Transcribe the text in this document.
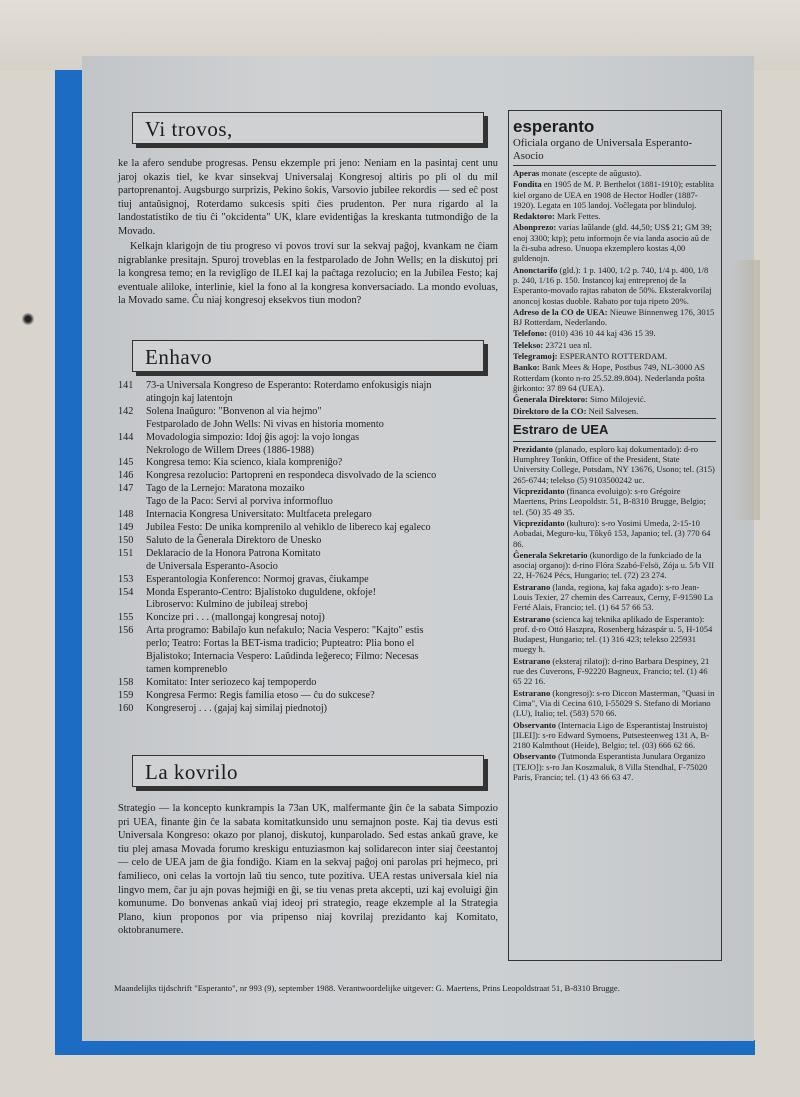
Vi trovos,

ke la afero sendube progresas. Pensu ekzemple pri jeno: Neniam en la pasintaj cent unu jaroj okazis tiel, ke kvar sinsekvaj Universalaj Kongresoj altiris po pli ol du mil partoprenantoj. Augsburgo surprizis, Pekino ŝokis, Varsovio jubilee rekordis — sed eĉ post tiuj antaŭsignoj, Roterdamo sukcesis spiti ĉies prudenton. Per nura rigardo al la landostatistiko de tiu ĉi "okcidenta" UK, klare evidentiĝas la kreskanta tutmondiĝo de la Movado.

Kelkajn klarigojn de tiu progreso vi povos trovi sur la sekvaj paĝoj, kvankam ne ĉiam nigrablanke presitajn. Spuroj troveblas en la festparolado de John Wells; en la diskutoj pri la kongresa temo; en la reviglîgo de ILEI kaj la paĉtaga rezolucio; en la Jubilea Festo; kaj eventuale aliloke, interlinie, kiel la fono al la kongresa konversaciado. La mondo evoluas, la Movado same. Ĉu niaj kongresoj eksekvos tiun modon?

Enhavo
141	73-a Universala Kongreso de Esperanto: Roterdamo enfokusigis niajn
atingojn kaj latentojn
142	Solena Inaŭguro: "Bonvenon al via hejmo"
Festparolado de John Wells: Ni vivas en historia momento
144	Movadologia simpozio: Idoj ĝis agoj: la vojo longas
Nekrologo de Willem Drees (1886-1988)
145	Kongresa temo: Kia scienco, kiala kompreniĝo?
146	Kongresa rezolucio: Partopreni en respondeca disvolvado de la scienco
147	Tago de la Lernejo: Maratona mozaiko
Tago de la Paco: Servi al porviva informofluo
148	Internacia Kongresa Universitato: Multfaceta prelegaro
149	Jubilea Festo: De unika komprenilo al vehiklo de libereco kaj egaleco
150	Saluto de la Ĝenerala Direktoro de Unesko
151	Deklaracio de la Honora Patrona Komitato
de Universala Esperanto-Asocio
153	Esperantologia Konferenco: Normoj gravas, ĉiukampe
154	Monda Esperanto-Centro: Bjalistoko duguldene, okfoje!
Libroservo: Kulmino de jubileaj streboj
155	Koncize pri . . . (mallongaj kongresaj notoj)
156	Arta programo: Babilaĵo kun nefakulo; Nacia Vespero: "Kajto" estis
perlo; Teatro: Fortas la BET-isma tradicio; Pupteatro: Plia bono el
Bjalistoko; Internacia Vespero: Laŭdinda leĝereco; Filmo: Necesas
tamen kompreneblo
158	Komitato: Inter seriozeco kaj tempoperdo
159	Kongresa Fermo: Regis familia etoso — ĉu do sukcese?
160	Kongreseroj . . . (gajaj kaj similaj piednotoj)
La kovrilo

Strategio — la koncepto kunkrampis la 73an UK, malfermante ĝin ĉe la sabata Simpozio pri UEA, finante ĝin ĉe la sabata komitatkunsido unu semajnon poste. Kaj tia devus esti Universala Kongreso: okazo por planoj, diskutoj, kunparolado. Sed estas ankaŭ grave, ke tiu plej amasa Movada forumo kreskigu entuziasmon kaj solidarecon inter siaj ĉeestantoj — celo de UEA jam de ĝia fondiĝo. Kiam en la sekvaj paĝoj oni parolas pri hejmeco, pri familieco, oni celas la vortojn laŭ tiu senco, tute pozitiva. UEA restas universala kiel nia lingvo mem, ĉar ju ajn povas hejmiĝi en ĝi, se tiu venas preta akcepti, uzi kaj evoluigi ĝin komunume. Do bonvenas ankaŭ viaj ideoj pri strategio, reage ekzemple al la Strategia Plano, kiun proponos por via pripenso niaj kovrilaj prezidanto kaj Komitato, oktobranumere.

Maandelijks tijdschrift "Esperanto", nr 993 (9), september 1988. Verantwoordelijke uitgever: G. Maertens, Prins Leopoldstraat 51, B-8310 Brugge.
esperanto
Oficiala organo de Universala Esperanto-Asocio
Aperas monate (escepte de aŭgusto).
Fondita en 1905 de M. P. Berthelot (1881-1910); establita kiel organo de UEA en 1908 de Hector Hodler (1887-1920). Legata en 105 landoj. Voĉlegata por blinduloj.
Redaktoro: Mark Fettes.
Abonprezo: varias laŭlande (gld. 44,50; US$ 21; GM 39; enoj 3300; ktp); petu informojn ĉe via landa asocio aŭ de la ĉi-suba adreso. Unuopa ekzemplero kostas 4,00 guldenojn.
Anonctarifo (gld.): 1 p. 1400, 1/2 p. 740, 1/4 p. 400, 1/8 p. 240, 1/16 p. 150. Instancoj kaj entreprenoj de la Esperanto-movado rajtas rabaton de 50%. Eksterakvorilaj anoncoj kostas duoble. Rabato por tuja ripeto 20%.
Adreso de la CO de UEA: Nieuwe Binnenweg 176, 3015 BJ Rotterdam, Nederlando.
Telefono: (010) 436 10 44 kaj 436 15 39.
Telekso: 23721 uea nl.
Telegramoj: ESPERANTO ROTTERDAM.
Banko: Bank Mees & Hope, Postbus 749, NL-3000 AS Rotterdam (konto n-ro 25.52.89.804). Nederlanda poŝta ĝirkonto: 37 89 64 (UEA).
Ĝenerala Direktoro: Simo Milojević.
Direktoro de la CO: Neil Salvesen.
Estraro de UEA
Prezidanto (planado, esploro kaj dokumentado): d-ro Humphrey Tonkin, Office of the President, State University College, Potsdam, NY 13676, Usono; tel. (315) 265-6744; telekso (5) 9103500242 uc.
Vicprezidanto (financa evoluigo): s-ro Grégoire Maertens, Prins Leopoldstr. 51, B-8310 Brugge, Belgio; tel. (50) 35 49 35.
Vicprezidanto (kulturo): s-ro Yosimi Umeda, 2-15-10 Aobadai, Meguro-ku, Tôkyô 153, Japanio; tel. (3) 770 64 86.
Ĝenerala Sekretario (kunordigo de la funkciado de la asociaj organoj): d-rino Flóra Szabó-Felsö, Zója u. 5/b VII 22, H-7624 Pécs, Hungario; tel. (72) 23 274.
Estrarano (landa, regiona, kaj faka agado): s-ro Jean-Louis Texier, 27 chemin des Carreaux, Cerny, F-91590 La Ferté Alais, Francio; tel. (1) 64 57 66 53.
Estrarano (scienca kaj teknika aplikado de Esperanto): prof. d-ro Ottó Haszpra, Rosenberg házaspár u. 5, H-1054 Budapest, Hungario; tel. (1) 316 423; telekso 225931 muegy h.
Estrarano (eksteraj rilatoj): d-rino Barbara Despiney, 21 rue des Cuverons, F-92220 Bagneux, Francio; tel. (1) 46 65 22 16.
Estrarano (kongresoj): s-ro Diccon Masterman, "Quasi in Cima", Via di Cecina 610, I-55029 S. Stefano di Moriano (LU), Italio; tel. (583) 570 66.
Observanto (Internacia Ligo de Esperantistaj Instruistoj [ILEI]): s-ro Edward Symoens, Putsesteenweg 131 A, B-2180 Kalmthout (Heide), Belgio; tel. (03) 666 62 66.
Observanto (Tutmonda Esperantista Junulara Organizo [TEJO]): s-ro Jan Koszmaluk, 8 Villa Stendhal, F-75020 Paris, Francio; tel. (1) 43 66 63 47.
